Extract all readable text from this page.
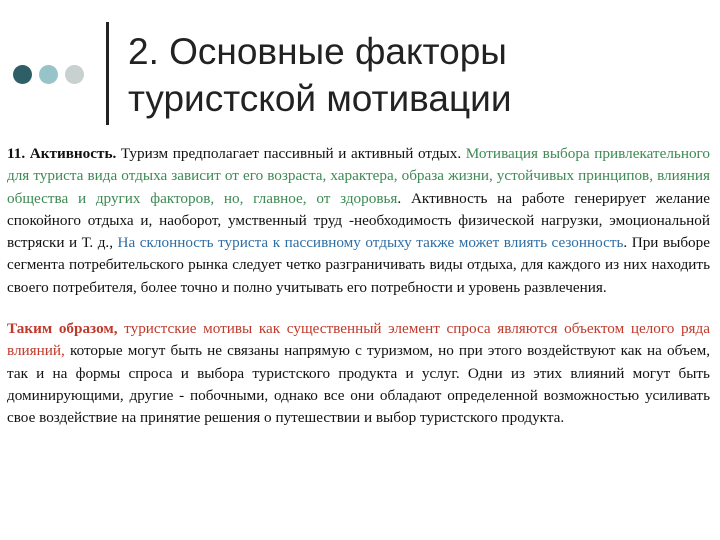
2. Основные факторы
туристской мотивации

11. Активность. Туризм предполагает пассивный и активный отдых. Мотивация выбора привлекательного для туриста вида отдыха зависит от его возраста, характера, образа жизни, устойчивых принципов, влияния общества и других факторов, но, главное, от здоровья. Активность на работе генерирует желание спокойного отдыха и, наоборот, умственный труд -необходимость физической нагрузки, эмоциональной встряски и Т. д., На склонность туриста к пассивному отдыху также может влиять сезонность. При выборе сегмента потребительского рынка следует четко разграничивать виды отдыха, для каждого из них находить своего потребителя, более точно и полно учитывать его потребности и уровень развлечения.

Таким образом, туристские мотивы как существенный элемент спроса являются объектом целого ряда влияний, которые могут быть не связаны напрямую с туризмом, но при этого воздействуют как на объем, так и на формы спроса и выбора туристского продукта и услуг. Одни из этих влияний могут быть доминирующими, другие - побочными, однако все они обладают определенной возможностью усиливать свое воздействие на принятие решения о путешествии и выбор туристского продукта.
